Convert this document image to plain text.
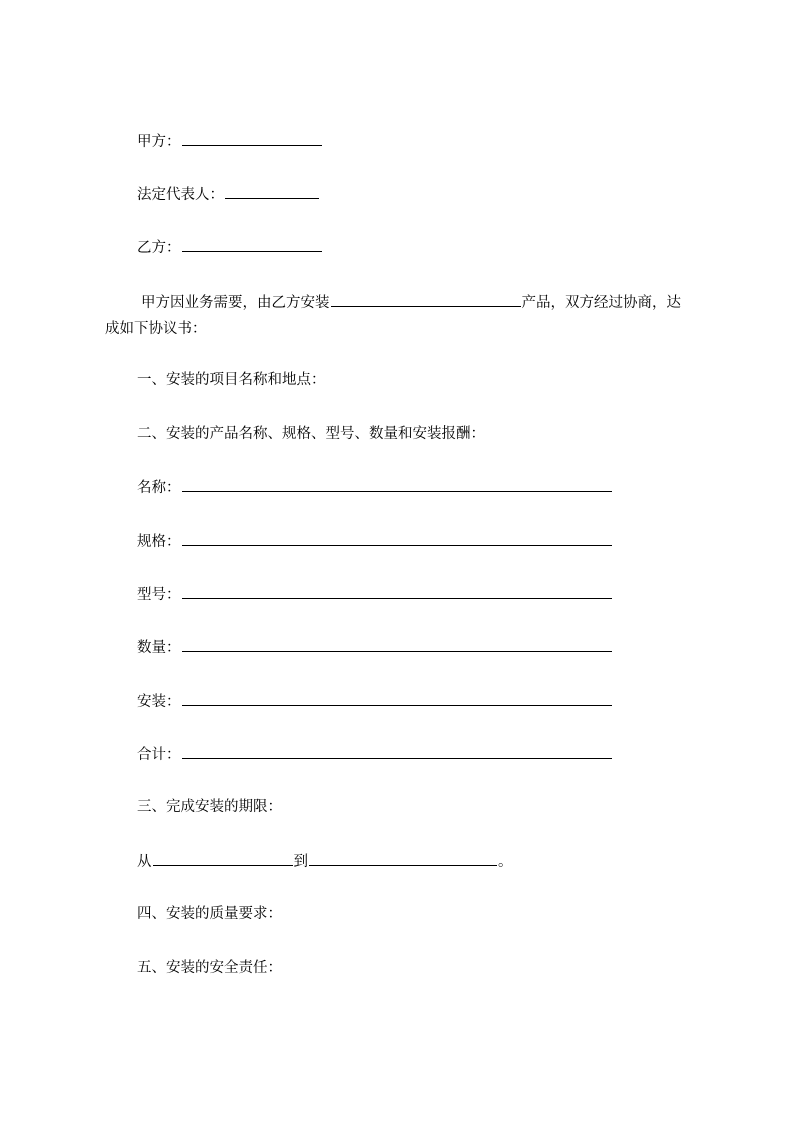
甲方：
法定代表人：
乙方：
甲方因业务需要，由乙方安装	产品，双方经过协商，达成如下协议书：
一、安装的项目名称和地点：
二、安装的产品名称、规格、型号、数量和安装报酬：
名称：
规格：
型号：
数量：
安装：
合计：
三、完成安装的期限：
从	到	。
四、安装的质量要求：
五、安装的安全责任：
